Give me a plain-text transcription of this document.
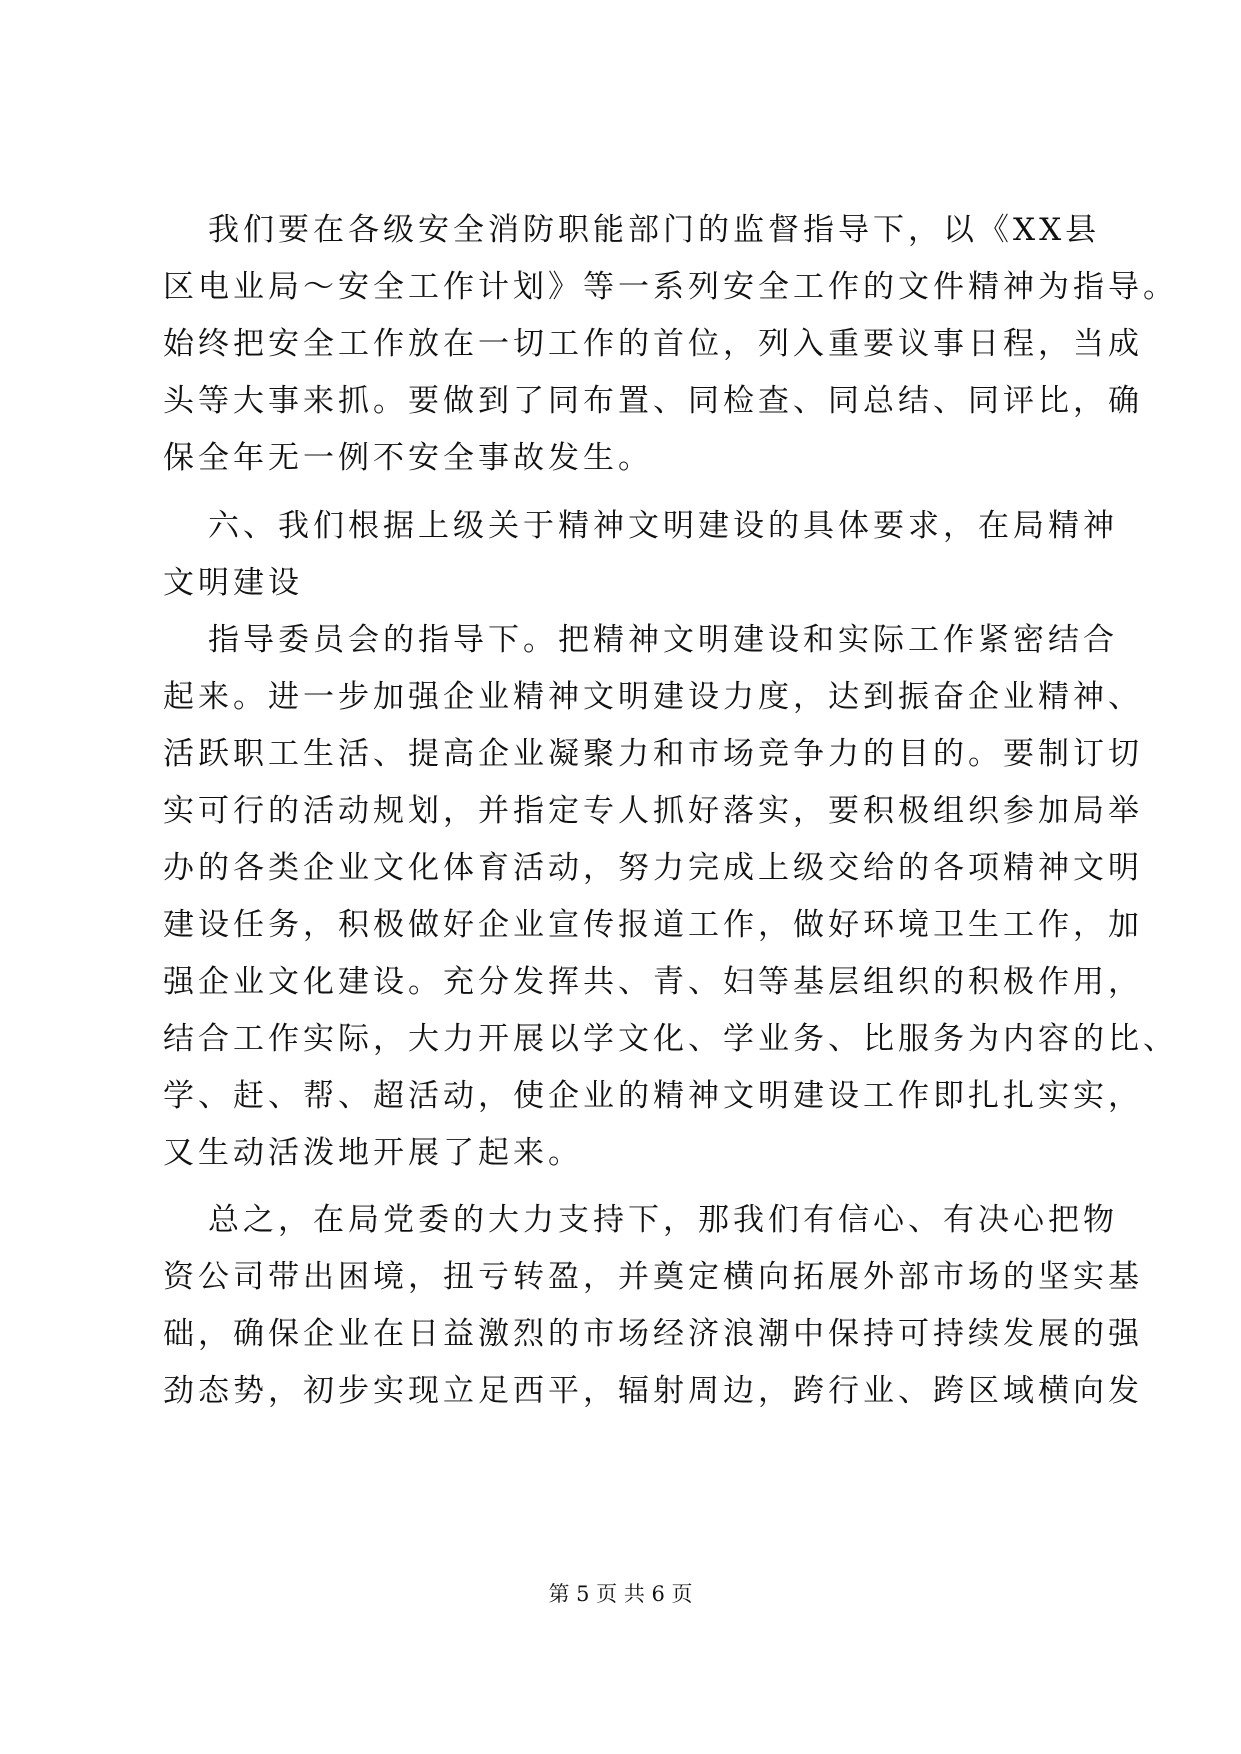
我们要在各级安全消防职能部门的监督指导下，以《XX县
区电业局～安全工作计划》等一系列安全工作的文件精神为指导。
始终把安全工作放在一切工作的首位，列入重要议事日程，当成
头等大事来抓。要做到了同布置、同检查、同总结、同评比，确
保全年无一例不安全事故发生。
六、我们根据上级关于精神文明建设的具体要求，在局精神
文明建设
指导委员会的指导下。把精神文明建设和实际工作紧密结合
起来。进一步加强企业精神文明建设力度，达到振奋企业精神、
活跃职工生活、提高企业凝聚力和市场竞争力的目的。要制订切
实可行的活动规划，并指定专人抓好落实，要积极组织参加局举
办的各类企业文化体育活动，努力完成上级交给的各项精神文明
建设任务，积极做好企业宣传报道工作，做好环境卫生工作，加
强企业文化建设。充分发挥共、青、妇等基层组织的积极作用，
结合工作实际，大力开展以学文化、学业务、比服务为内容的比、
学、赶、帮、超活动，使企业的精神文明建设工作即扎扎实实，
又生动活泼地开展了起来。
总之，在局党委的大力支持下，那我们有信心、有决心把物
资公司带出困境，扭亏转盈，并奠定横向拓展外部市场的坚实基
础，确保企业在日益激烈的市场经济浪潮中保持可持续发展的强
劲态势，初步实现立足西平，辐射周边，跨行业、跨区域横向发
第 5 页 共 6 页
